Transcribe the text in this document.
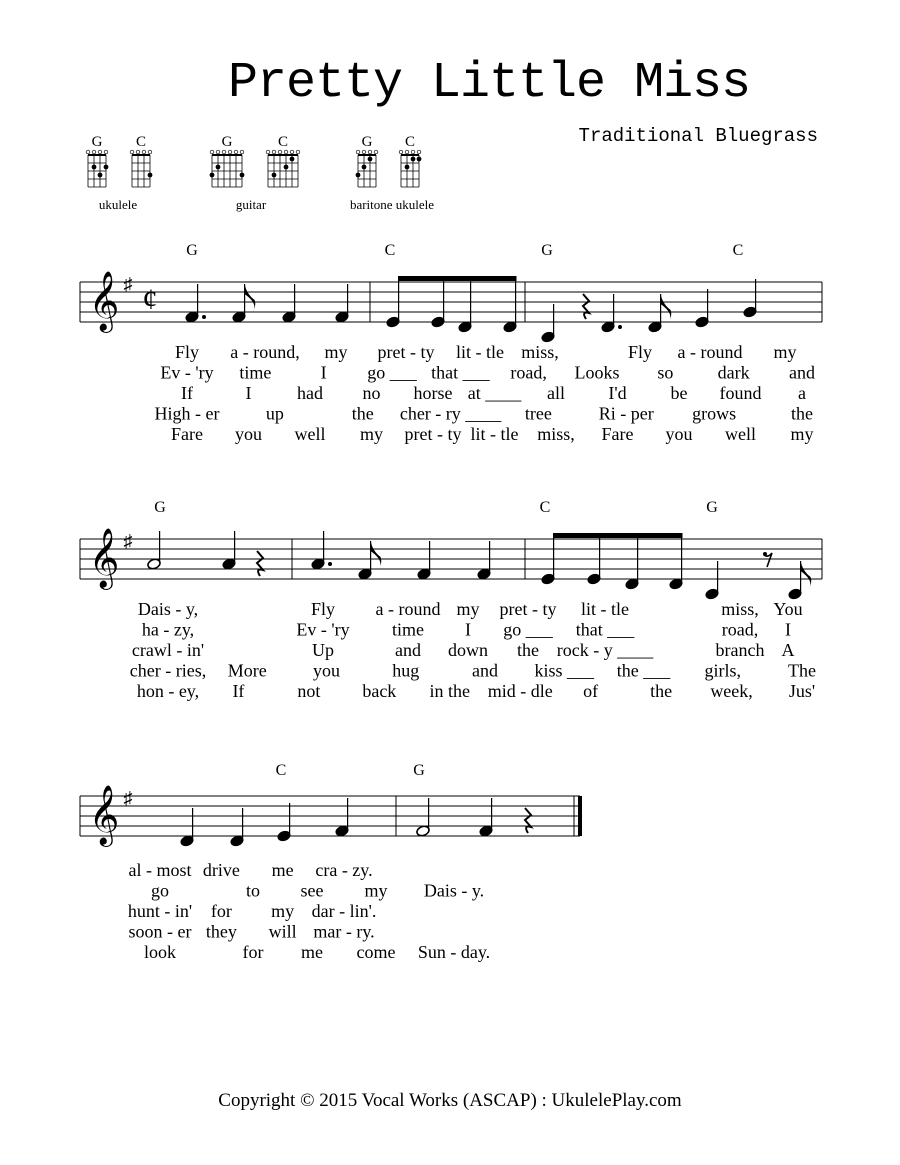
Pretty Little Miss
Traditional Bluegrass
G C
ukulele
G	C
guitar
G C
baritone ukulele
𝄞 ♯ ¢
G	C	G	C
Fly a - round, my pret - ty lit - tle miss,	Fly a - round my
Ev - 'ry time	I go ___ that ___ road, Looks so dark and
If	I	had no horse at ____ all I'd be found a
High - er	up	the cher - ry ____ tree	Ri - per grows	the
Fare you well my pret - ty lit - tle miss, Fare you well my
𝄞 ♯
G	C	G
Dais - y,	Fly a - round my pret - ty lit - tle	miss, You
ha - zy,	Ev - 'ry time I go ___ that ___	road, I
crawl - in'	Up	and down the rock - y ____	branch A
cher - ries, More	you	hug	and kiss ___ the ___ girls,	The
hon - ey, If	not back in the mid - dle of	the week, Jus'
𝄞 ♯
C	G
al - most drive me cra - zy.
go	to see my Dais - y.
hunt - in' for my dar - lin'.
soon - er they will mar - ry.
look	for me come Sun - day.
Copyright © 2015 Vocal Works (ASCAP) : UkulelePlay.com
